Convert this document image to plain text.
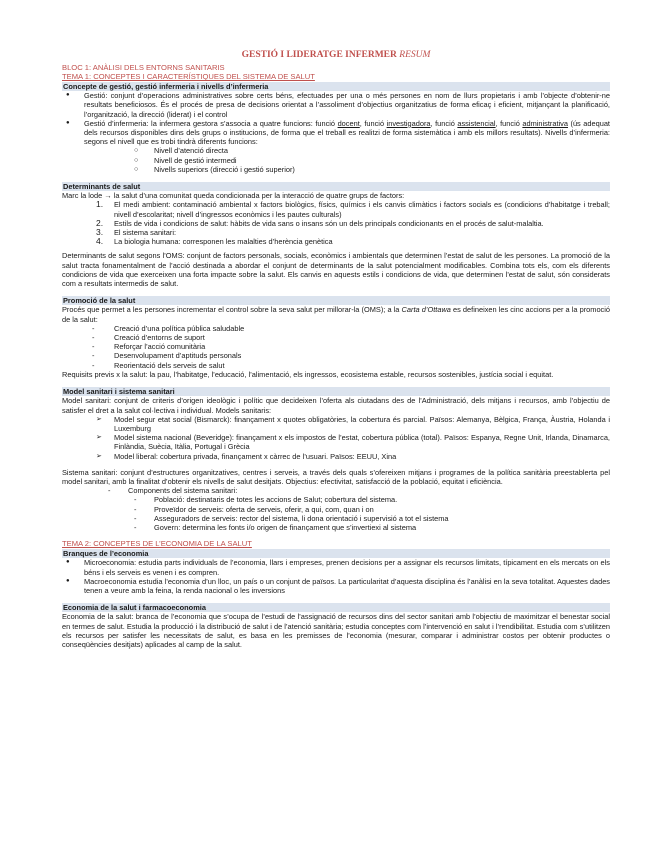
GESTIÓ I LIDERATGE INFERMER RESUM
BLOC 1: ANÀLISI DELS ENTORNS SANITARIS
TEMA 1: CONCEPTES I CARACTERÍSTIQUES DEL SISTEMA DE SALUT
Concepte de gestió, gestió infermeria i nivells d’infermeria
● Gestió: conjunt d’operacions administratives sobre certs béns, efectuades per una o més persones en nom de llurs propietaris i amb l’objecte d’obtenir-ne resultats beneficiosos. És el procés de presa de decisions orientat a l’assoliment d’objectius organitzatius de forma eficaç i eficient, mitjançant la planificació, l’organització, la direcció (liderat) i el control
● Gestió d’infermeria: la infermera gestora s’associa a quatre funcions: funció docent, funció investigadora, funció assistencial, funció administrativa (ús adequat dels recursos disponibles dins dels grups o institucions, de forma que el treball es realitzi de forma sistemàtica i amb els millors resultats). Nivells d’infermeria: segons el nivell que es trobi tindrà diferents funcions:
○ Nivell d’atenció directa
○ Nivell de gestió intermedi
○ Nivells superiors (direcció i gestió superior)
Determinants de salut

Marc la lode → la salut d’una comunitat queda condicionada per la interacció de quatre grups de factors:

1. El medi ambient: contaminació ambiental x factors biològics, físics, químics i els canvis climàtics i factors socials es (condicions d’habitatge i treball; nivell d’escolaritat; nivell d’ingressos econòmics i les pautes culturals)
2. Estils de vida i condicions de salut: hàbits de vida sans o insans són un dels principals condicionants en el procés de salut-malaltia.
3. El sistema sanitari:
4. La biologia humana: corresponen les malalties d’herència genètica

Determinants de salut segons l’OMS: conjunt de factors personals, socials, econòmics i ambientals que determinen l’estat de salut de les persones. La promoció de la salut tracta fonamentalment de l’acció destinada a abordar el conjunt de determinants de la salut potencialment modificables. Combina tots els, com els diferents condicions de vida que exerceixen una forta impacte sobre la salut. Els canvis en aquests estils i condicions de vida, que determinen l’estat de salut, són considerats com a resultats intermedis de salut.

Promoció de la salut

Procés que permet a les persones incrementar el control sobre la seva salut per millorar-la (OMS); a la Carta d’Ottawa es defineixen les cinc accions per a la promoció de la salut:

- Creació d’una política pública saludable
- Creació d’entorns de suport
- Reforçar l’acció comunitària
- Desenvolupament d’aptituds personals
- Reorientació dels serveis de salut

Requisits previs x la salut: la pau, l’habitatge, l’educació, l’alimentació, els ingressos, ecosistema estable, recursos sostenibles, justícia social i equitat.

Model sanitari i sistema sanitari

Model sanitari: conjunt de criteris d’origen ideològic i polític que decideixen l’oferta als ciutadans des de l’Administració, dels mitjans i recursos, amb l’objectiu de satisfer el dret a la salut col·lectiva i individual. Models sanitaris:

➢ Model segur etat social (Bismarck): finançament x quotes obligatòries, la cobertura és parcial. Països: Alemanya, Bèlgica, França, Àustria, Holanda i Luxemburg
➢ Model sistema nacional (Beveridge): finançament x els impostos de l’estat, cobertura pública (total). Països: Espanya, Regne Unit, Irlanda, Dinamarca, Finlàndia, Suècia, Itàlia, Portugal i Grècia
➢ Model liberal: cobertura privada, finançament x càrrec de l’usuari. Països: EEUU, Xina

Sistema sanitari: conjunt d’estructures organitzatives, centres i serveis, a través dels quals s’ofereixen mitjans i programes de la política sanitària preestablerta pel model sanitari, amb la finalitat d’obtenir els nivells de salut desitjats. Objectius: efectivitat, satisfacció de la població, equitat i eficiència.

- Components del sistema sanitari:
- Població: destinataris de totes les accions de Salut; cobertura del sistema.
- Proveïdor de serveis: oferta de serveis, oferir, a qui, com, quan i on
- Asseguradors de serveis: rector del sistema, li dona orientació i supervisió a tot el sistema
- Govern: determina les fonts i/o origen de finançament que s’invertiexi al sistema
TEMA 2: CONCEPTES DE L’ECONOMIA DE LA SALUT
Branques de l’economia
● Microeconomia: estudia parts individuals de l’economia, llars i empreses, prenen decisions per a assignar els recursos limitats, típicament en els mercats on els béns i els serveis es venen i es compren.
● Macroeconomia estudia l’economia d’un lloc, un país o un conjunt de països. La particularitat d’aquesta disciplina és l’anàlisi en la seva totalitat. Aquestes dades tenen a veure amb la feina, la renda nacional o les inversions
Economia de la salut i farmacoeconomia

Economia de la salut: branca de l’economia que s’ocupa de l’estudi de l’assignació de recursos dins del sector sanitari amb l’objectiu de maximitzar el benestar social en termes de salut. Estudia la producció i la distribució de salut i de l’atenció sanitària; estudia conceptes com l’intervenció en salut i l’rendibilitat. Estudia com s’utilitzen els recursos per satisfer les necessitats de salut, es basa en les premisses de l’economia (mesurar, comparar i administrar costos per obtenir productes o conseqüències desitjats) aplicades al camp de la salut.
